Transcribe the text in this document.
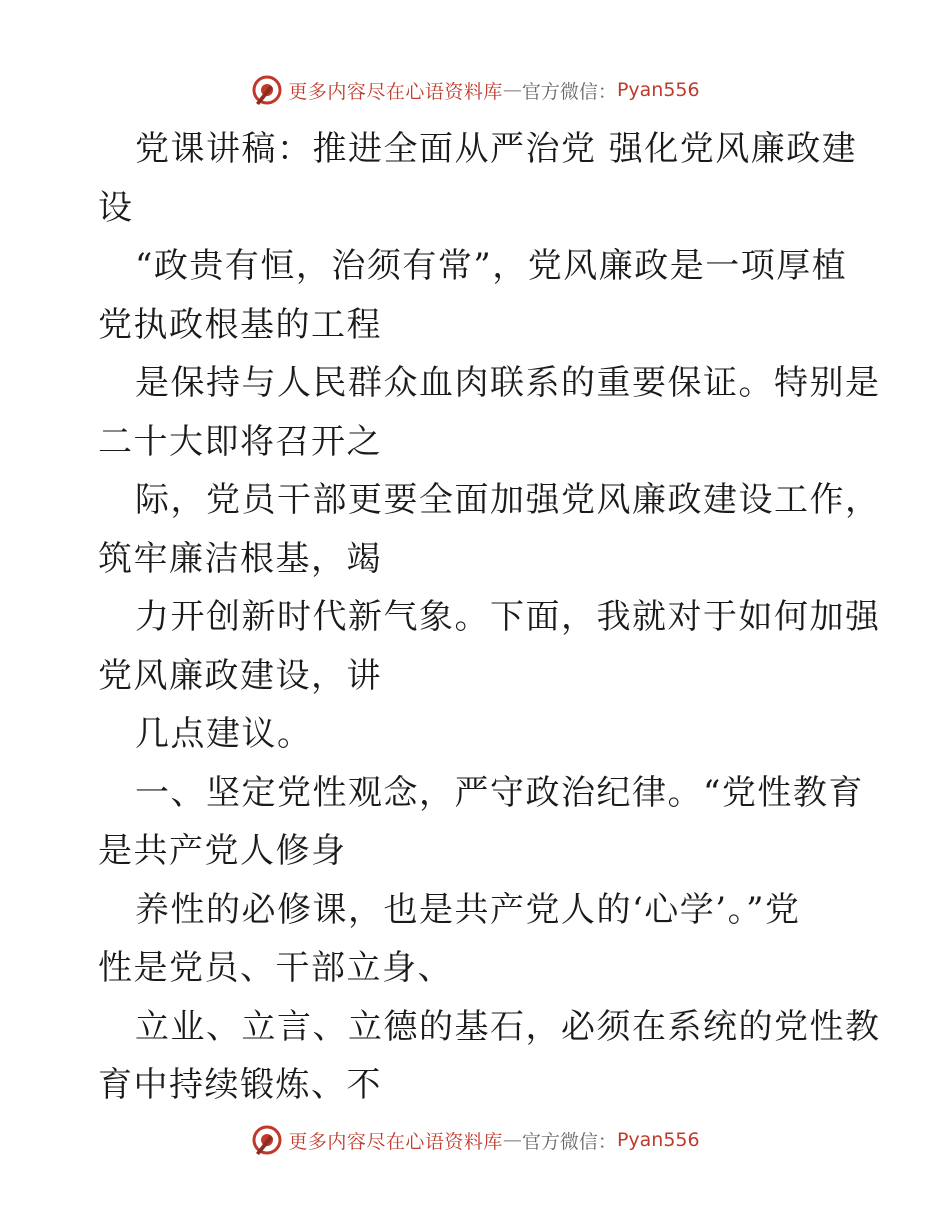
更多内容尽在心语资料库 — 官方微信： Pyan556
党课讲稿：推进全面从严治党 强化党风廉政建
设
“政贵有恒，治须有常”，党风廉政是一项厚植
党执政根基的工程
是保持与人民群众血肉联系的重要保证。特别是
二十大即将召开之
际，党员干部更要全面加强党风廉政建设工作，
筑牢廉洁根基，竭
力开创新时代新气象。下面，我就对于如何加强
党风廉政建设，讲
几点建议。
一、坚定党性观念，严守政治纪律。“党性教育
是共产党人修身
养性的必修课，也是共产党人的‘心学’。”党
性是党员、干部立身、
立业、立言、立德的基石，必须在系统的党性教
育中持续锻炼、不
更多内容尽在心语资料库 — 官方微信： Pyan556
